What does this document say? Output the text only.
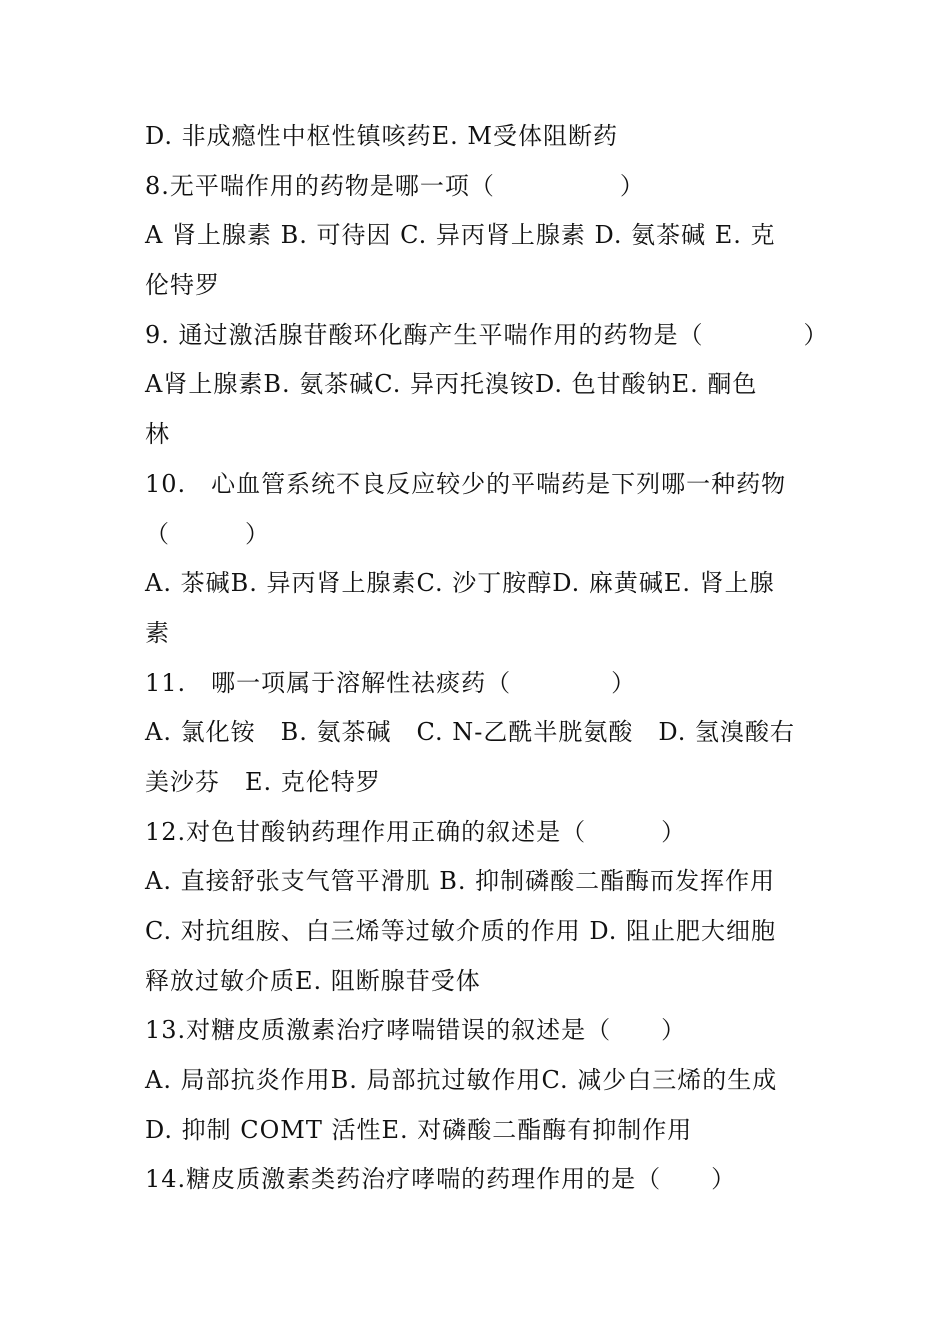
D. 非成瘾性中枢性镇咳药E. M受体阻断药
8.无平喘作用的药物是哪一项（　　　　　）
A 肾上腺素 B. 可待因 C. 异丙肾上腺素 D. 氨茶碱 E. 克
伦特罗
9. 通过激活腺苷酸环化酶产生平喘作用的药物是（　　　　）
A肾上腺素B. 氨茶碱C. 异丙托溴铵D. 色甘酸钠E. 酮色
林
10.　心血管系统不良反应较少的平喘药是下列哪一种药物
（　　　）
A. 茶碱B. 异丙肾上腺素C. 沙丁胺醇D. 麻黄碱E. 肾上腺
素
11.　哪一项属于溶解性祛痰药（　　　　）
A. 氯化铵　B. 氨茶碱　C. N-乙酰半胱氨酸　D. 氢溴酸右
美沙芬　E. 克伦特罗
12.对色甘酸钠药理作用正确的叙述是（　　　）
A. 直接舒张支气管平滑肌 B. 抑制磷酸二酯酶而发挥作用
C. 对抗组胺、白三烯等过敏介质的作用 D. 阻止肥大细胞
释放过敏介质E. 阻断腺苷受体
13.对糖皮质激素治疗哮喘错误的叙述是（　　）
A. 局部抗炎作用B. 局部抗过敏作用C. 减少白三烯的生成
D. 抑制 COMT 活性E. 对磷酸二酯酶有抑制作用
14.糖皮质激素类药治疗哮喘的药理作用的是（　　）
